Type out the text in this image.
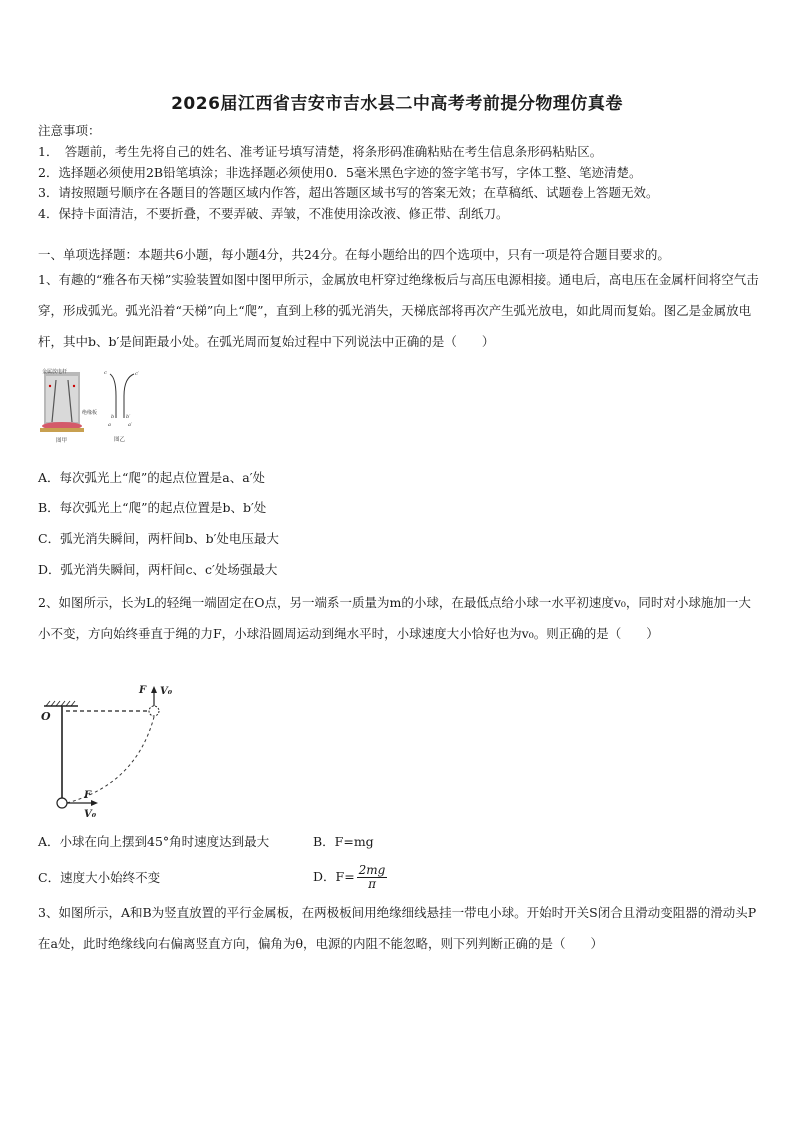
2026届江西省吉安市吉水县二中高考考前提分物理仿真卷
注意事项：
1．　答题前，考生先将自己的姓名、准考证号填写清楚，将条形码准确粘贴在考生信息条形码粘贴区。
2．选择题必须使用2B铅笔填涂；非选择题必须使用0．5毫米黑色字迹的签字笔书写，字体工整、笔迹清楚。
3．请按照题号顺序在各题目的答题区域内作答，超出答题区域书写的答案无效；在草稿纸、试题卷上答题无效。
4．保持卡面清洁，不要折叠，不要弄破、弄皱，不准使用涂改液、修正带、刮纸刀。
一、单项选择题：本题共6小题，每小题4分，共24分。在每小题给出的四个选项中，只有一项是符合题目要求的。
1、有趣的“雅各布天梯”实验装置如图中图甲所示，金属放电杆穿过绝缘板后与高压电源相接。通电后，高电压在金属杆间将空气击穿，形成弧光。弧光沿着“天梯”向上“爬”，直到上移的弧光消失，天梯底部将再次产生弧光放电，如此周而复始。图乙是金属放电杆，其中b、b′是间距最小处。在弧光周而复始过程中下列说法中正确的是（　　）
金属放电杆
绝缘板
图甲
c	c′
b b′
a	a′
图乙
A．每次弧光上“爬”的起点位置是a、a′处
B．每次弧光上“爬”的起点位置是b、b′处
C．弧光消失瞬间，两杆间b、b′处电压最大
D．弧光消失瞬间，两杆间c、c′处场强最大
2、如图所示，长为L的轻绳一端固定在O点，另一端系一质量为m的小球，在最低点给小球一水平初速度v₀，同时对小球施加一大小不变，方向始终垂直于绳的力F，小球沿圆周运动到绳水平时，小球速度大小恰好也为v₀。则正确的是（　　）
O
F V₀
F
V₀
A．小球在向上摆到45°角时速度达到最大	B．F=mg
C．速度大小始终不变	D．$F= \frac{2mg}{\pi}$
3、如图所示，A和B为竖直放置的平行金属板，在两极板间用绝缘细线悬挂一带电小球。开始时开关S闭合且滑动变阻器的滑动头P在a处，此时绝缘线向右偏离竖直方向，偏角为θ，电源的内阻不能忽略，则下列判断正确的是（　　）
